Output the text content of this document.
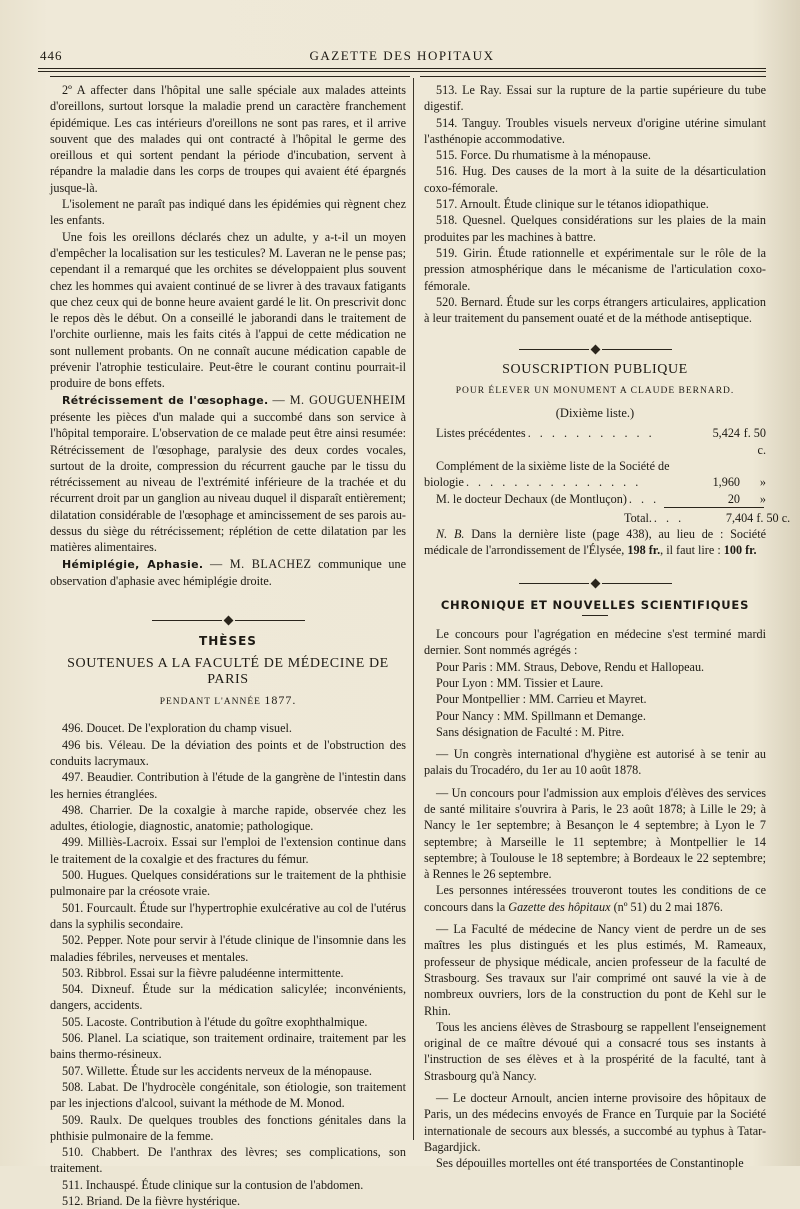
446	GAZETTE DES HOPITAUX

2º A affecter dans l'hôpital une salle spéciale aux malades atteints d'oreillons, surtout lorsque la maladie prend un caractère franchement épidémique. Les cas intérieurs d'oreillons ne sont pas rares, et il arrive souvent que des malades qui ont contracté à l'hôpital le germe des oreillous et qui sortent pendant la période d'incubation, servent à répandre la maladie dans les corps de troupes qui avaient été épargnés jusque-là.

L'isolement ne paraît pas indiqué dans les épidémies qui règnent chez les enfants.

Une fois les oreillons déclarés chez un adulte, y a-t-il un moyen d'empêcher la localisation sur les testicules? M. Laveran ne le pense pas; cependant il a remarqué que les orchites se développaient plus souvent chez les hommes qui avaient continué de se livrer à des travaux fatigants que chez ceux qui de bonne heure avaient gardé le lit. On prescrivit donc le repos dès le début. On a conseillé le jaborandi dans le traitement de l'orchite ourlienne, mais les faits cités à l'appui de cette médication ne sont nullement probants. On ne connaît aucune médication capable de prévenir l'atrophie testiculaire. Peut-être le courant continu pourrait-il produire de bons effets.

Rétrécissement de l'œsophage. — M. GOUGUENHEIM présente les pièces d'un malade qui a succombé dans son service à l'hôpital temporaire. L'observation de ce malade peut être ainsi resumée: Rétrécissement de l'œsophage, paralysie des deux cordes vocales, surtout de la droite, compression du récurrent gauche par le tissu du rétrécissement au niveau de l'extrémité inférieure de la trachée et du récurrent droit par un ganglion au niveau duquel il disparaît entièrement; dilatation considérable de l'œsophage et amincissement de ses parois au-dessus du siège du rétrécissement; réplétion de cette dilatation par les matières alimentaires.

Hémiplégie, Aphasie. — M. BLACHEZ communique une observation d'aphasie avec hémiplégie droite.

THÈSES
SOUTENUES A LA FACULTÉ DE MÉDECINE DE PARIS
PENDANT L'ANNÉE 1877.

496. Doucet. De l'exploration du champ visuel.

496 bis. Véleau. De la déviation des points et de l'obstruction des conduits lacrymaux.

497. Beaudier. Contribution à l'étude de la gangrène de l'intestin dans les hernies étranglées.

498. Charrier. De la coxalgie à marche rapide, observée chez les adultes, étiologie, diagnostic, anatomie; pathologique.

499. Milliès-Lacroix. Essai sur l'emploi de l'extension continue dans le traitement de la coxalgie et des fractures du fémur.

500. Hugues. Quelques considérations sur le traitement de la phthisie pulmonaire par la créosote vraie.

501. Fourcault. Étude sur l'hypertrophie exulcérative au col de l'utérus dans la syphilis secondaire.

502. Pepper. Note pour servir à l'étude clinique de l'insomnie dans les maladies fébriles, nerveuses et mentales.

503. Ribbrol. Essai sur la fièvre paludéenne intermittente.

504. Dixneuf. Étude sur la médication salicylée; inconvénients, dangers, accidents.

505. Lacoste. Contribution à l'étude du goître exophthalmique.

506. Planel. La sciatique, son traitement ordinaire, traitement par les bains thermo-résineux.

507. Willette. Étude sur les accidents nerveux de la ménopause.

508. Labat. De l'hydrocèle congénitale, son étiologie, son traitement par les injections d'alcool, suivant la méthode de M. Monod.

509. Raulx. De quelques troubles des fonctions génitales dans la phthisie pulmonaire de la femme.

510. Chabbert. De l'anthrax des lèvres; ses complications, son traitement.

511. Inchauspé. Étude clinique sur la contusion de l'abdomen.

512. Briand. De la fièvre hystérique.

513. Le Ray. Essai sur la rupture de la partie supérieure du tube digestif.

514. Tanguy. Troubles visuels nerveux d'origine utérine simulant l'asthénopie accommodative.

515. Force. Du rhumatisme à la ménopause.

516. Hug. Des causes de la mort à la suite de la désarticulation coxo-fémorale.

517. Arnoult. Étude clinique sur le tétanos idiopathique.

518. Quesnel. Quelques considérations sur les plaies de la main produites par les machines à battre.

519. Girin. Étude rationnelle et expérimentale sur le rôle de la pression atmosphérique dans le mécanisme de l'articulation coxo-fémorale.

520. Bernard. Étude sur les corps étrangers articulaires, application à leur traitement du pansement ouaté et de la méthode antiseptique.

SOUSCRIPTION PUBLIQUE
POUR ÉLEVER UN MONUMENT A CLAUDE BERNARD.
(Dixième liste.)
Listes précédentes . . . . . . . . . . .	5,424 f. 50 c.
Complément de la sixième liste de la Société de
biologie . . . . . . . . . . . . . . .	1,960	»
M. le docteur Dechaux (de Montluçon) . . .	20	»
Total. . . .	7,404 f. 50 c.

N. B. Dans la dernière liste (page 438), au lieu de : Société médicale de l'arrondissement de l'Élysée, 198 fr., il faut lire : 100 fr.

CHRONIQUE ET NOUVELLES SCIENTIFIQUES

Le concours pour l'agrégation en médecine s'est terminé mardi dernier. Sont nommés agrégés :

Pour Paris : MM. Straus, Debove, Rendu et Hallopeau.

Pour Lyon : MM. Tissier et Laure.

Pour Montpellier : MM. Carrieu et Mayret.

Pour Nancy : MM. Spillmann et Demange.

Sans désignation de Faculté : M. Pitre.

— Un congrès international d'hygiène est autorisé à se tenir au palais du Trocadéro, du 1er au 10 août 1878.

— Un concours pour l'admission aux emplois d'élèves des services de santé militaire s'ouvrira à Paris, le 23 août 1878; à Lille le 29; à Nancy le 1er septembre; à Besançon le 4 septembre; à Lyon le 7 septembre; à Marseille le 11 septembre; à Montpellier le 14 septembre; à Toulouse le 18 septembre; à Bordeaux le 22 septembre; à Rennes le 26 septembre.

Les personnes intéressées trouveront toutes les conditions de ce concours dans la Gazette des hôpitaux (nº 51) du 2 mai 1876.

— La Faculté de médecine de Nancy vient de perdre un de ses maîtres les plus distingués et les plus estimés, M. Rameaux, professeur de physique médicale, ancien professeur de la faculté de Strasbourg. Ses travaux sur l'air comprimé ont sauvé la vie à de nombreux ouvriers, lors de la construction du pont de Kehl sur le Rhin.

Tous les anciens élèves de Strasbourg se rappellent l'enseignement original de ce maître dévoué qui a consacré tous ses instants à l'instruction de ses élèves et à la prospérité de la faculté, tant à Strasbourg qu'à Nancy.

— Le docteur Arnoult, ancien interne provisoire des hôpitaux de Paris, un des médecins envoyés de France en Turquie par la Société internationale de secours aux blessés, a succombé au typhus à Tatar-Bagardjick.

Ses dépouilles mortelles ont été transportées de Constantinople
